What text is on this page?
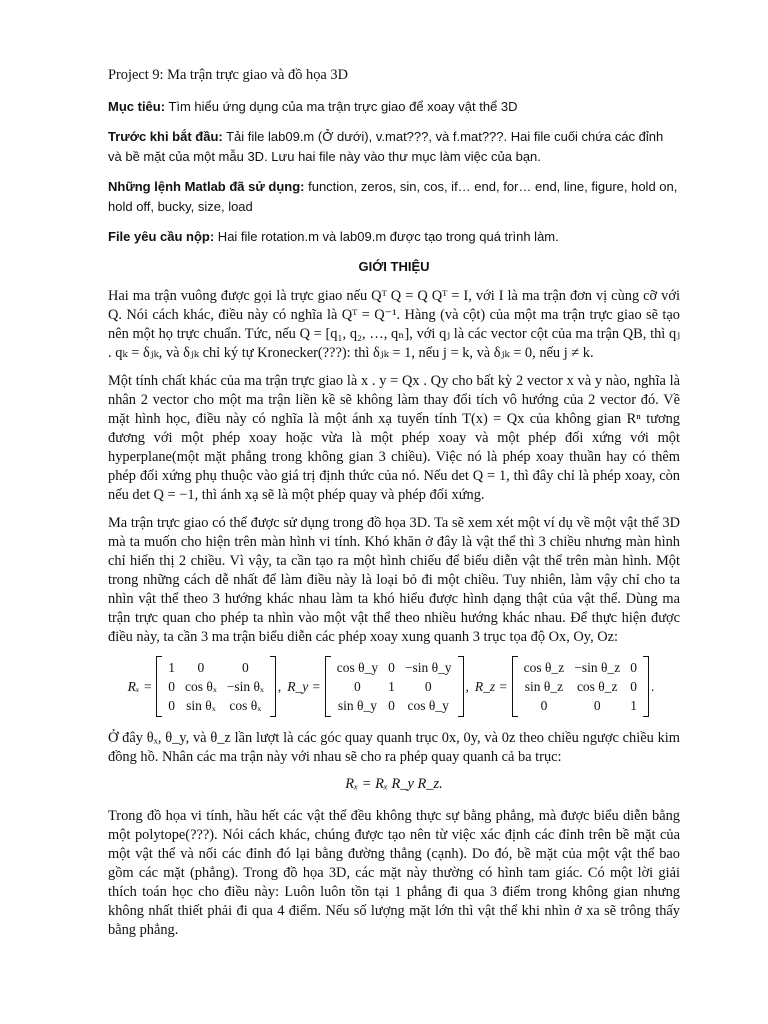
Project 9: Ma trận trực giao và đồ họa 3D
Mục tiêu: Tìm hiểu ứng dụng của ma trận trực giao để xoay vật thể 3D
Trước khi bắt đầu: Tải file lab09.m (Ở dưới), v.mat???, và f.mat???. Hai file cuối chứa các đỉnh và bề mặt của một mẫu 3D. Lưu hai file này vào thư mục làm việc của bạn.
Những lệnh Matlab đã sử dụng: function, zeros, sin, cos, if… end, for… end, line, figure, hold on, hold off, bucky, size, load
File yêu cầu nộp: Hai file rotation.m và lab09.m được tạo trong quá trình làm.
GIỚI THIỆU

Hai ma trận vuông được gọi là trực giao nếu Qᵀ Q = Q Qᵀ = I, với I là ma trận đơn vị cùng cỡ với Q. Nói cách khác, điều này có nghĩa là Qᵀ = Q⁻¹. Hàng (và cột) của một ma trận trực giao sẽ tạo nên một họ trực chuẩn. Tức, nếu Q = [q₁, q₂, …, qₙ], với qⱼ là các vector cột của ma trận QB, thì qⱼ . qₖ = δⱼₖ, và δⱼₖ chỉ ký tự Kronecker(???): thì δⱼₖ = 1, nếu j = k, và δⱼₖ = 0, nếu j ≠ k.

Một tính chất khác của ma trận trực giao là x . y = Qx . Qy cho bất kỳ 2 vector x và y nào, nghĩa là nhân 2 vector cho một ma trận liền kề sẽ không làm thay đổi tích vô hướng của 2 vector đó. Về mặt hình học, điều này có nghĩa là một ánh xạ tuyến tính T(x) = Qx của không gian Rⁿ tương đương với một phép xoay hoặc vừa là một phép xoay và một phép đối xứng với một hyperplane(một mặt phẳng trong không gian 3 chiều). Việc nó là phép xoay thuần hay có thêm phép đối xứng phụ thuộc vào giá trị định thức của nó. Nếu det Q = 1, thì đây chỉ là phép xoay, còn nếu det Q = −1, thì ánh xạ sẽ là một phép quay và phép đối xứng.

Ma trận trực giao có thể được sử dụng trong đồ họa 3D. Ta sẽ xem xét một ví dụ về một vật thể 3D mà ta muốn cho hiện trên màn hình vi tính. Khó khăn ở đây là vật thể thì 3 chiều nhưng màn hình chỉ hiển thị 2 chiều. Vì vậy, ta cần tạo ra một hình chiếu để biểu diễn vật thể trên màn hình. Một trong những cách dễ nhất để làm điều này là loại bỏ đi một chiều. Tuy nhiên, làm vậy chỉ cho ta nhìn vật thể theo 3 hướng khác nhau làm ta khó hiểu được hình dạng thật của vật thể. Dùng ma trận trực quan cho phép ta nhìn vào một vật thể theo nhiều hướng khác nhau. Để thực hiện được điều này, ta cần 3 ma trận biểu diễn các phép xoay xung quanh 3 trục tọa độ Ox, Oy, Oz:

Rₓ =
1	0	0
0	cos θₓ	−sin θₓ
0	sin θₓ	cos θₓ
, R_y =
cos θ_y	0	−sin θ_y
0	1	0
sin θ_y	0	cos θ_y
, R_z =
cos θ_z	−sin θ_z	0
sin θ_z	cos θ_z	0
0	0	1
.

Ở đây θₓ, θ_y, và θ_z lần lượt là các góc quay quanh trục 0x, 0y, và 0z theo chiều ngược chiều kim đồng hồ. Nhân các ma trận này với nhau sẽ cho ra phép quay quanh cả ba trục:

Rₓ = Rₓ R_y R_z.

Trong đồ họa vi tính, hầu hết các vật thể đều không thực sự bằng phẳng, mà được biểu diễn bằng một polytope(???). Nói cách khác, chúng được tạo nên từ việc xác định các đỉnh trên bề mặt của một vật thể và nối các đỉnh đó lại bằng đường thẳng (cạnh). Do đó, bề mặt của một vật thể bao gồm các mặt (phẳng). Trong đồ họa 3D, các mặt này thường có hình tam giác. Có một lời giải thích toán học cho điều này: Luôn luôn tồn tại 1 phẳng đi qua 3 điểm trong không gian nhưng không nhất thiết phải đi qua 4 điểm. Nếu số lượng mặt lớn thì vật thể khi nhìn ở xa sẽ trông thấy bằng phẳng.
